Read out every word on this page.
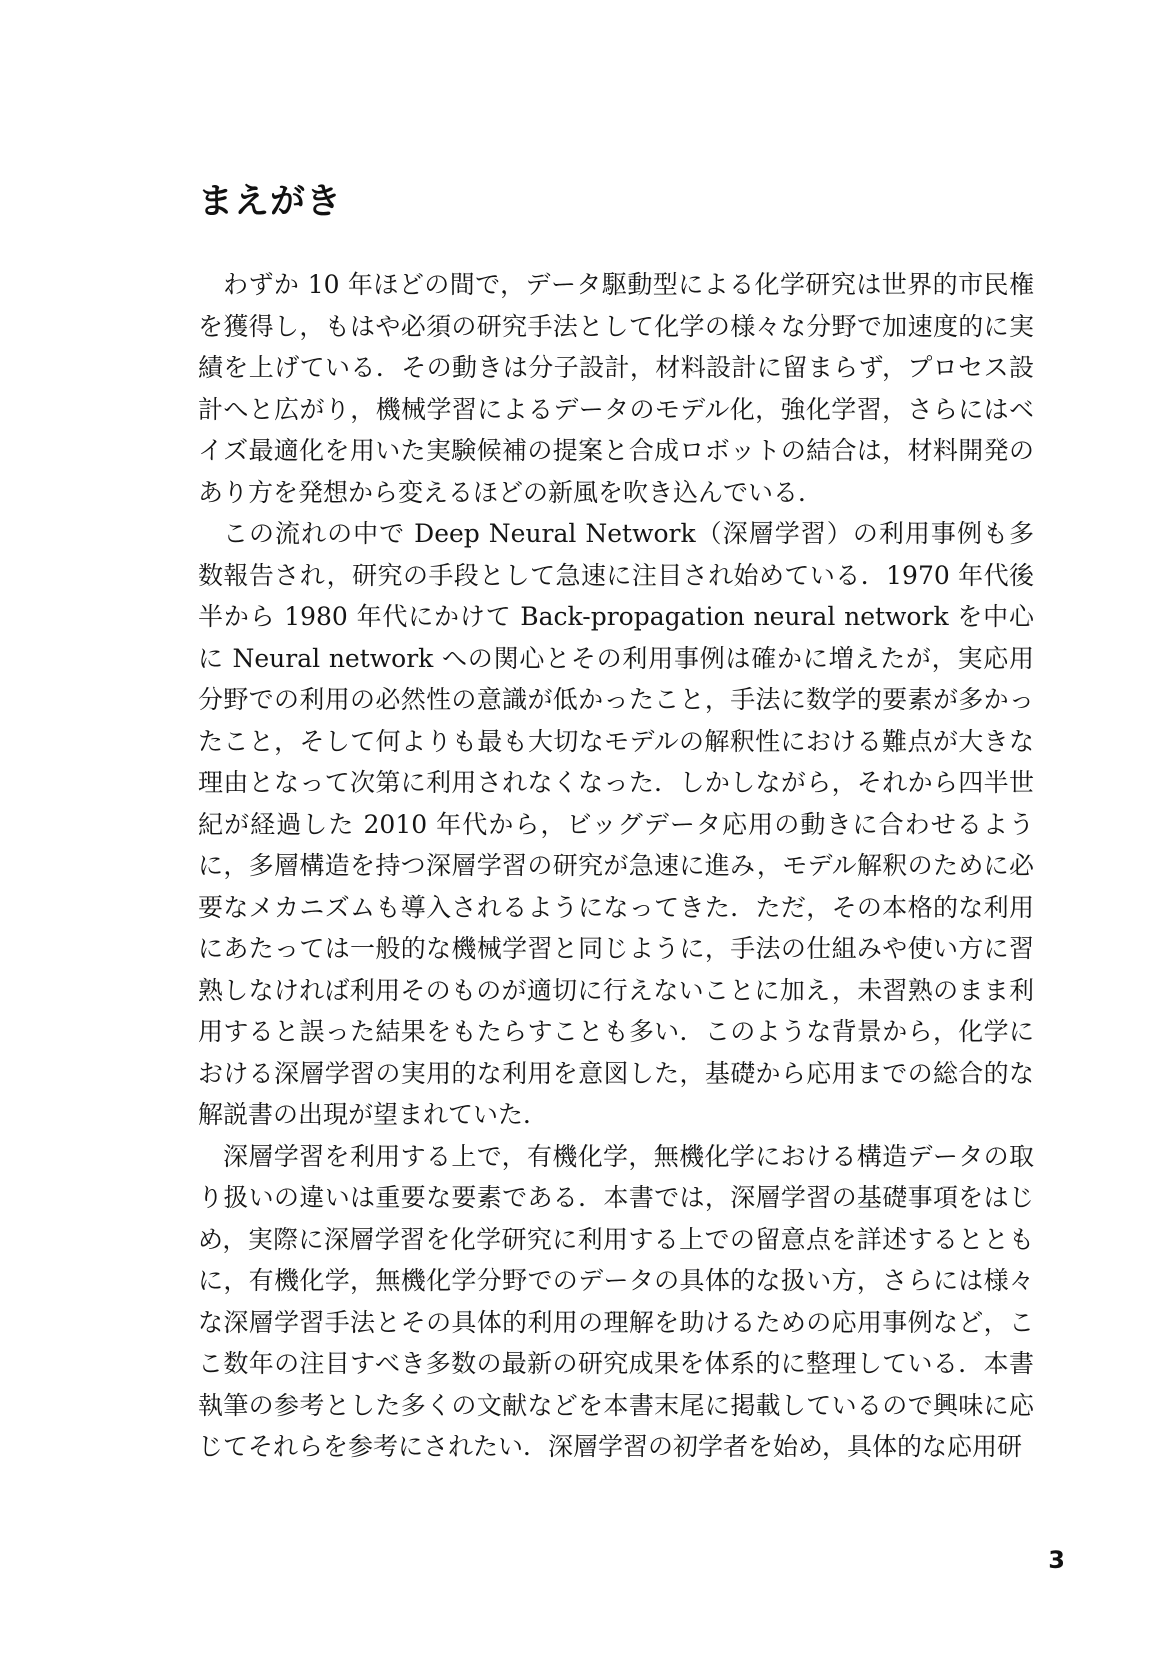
まえがき

わずか 10 年ほどの間で，データ駆動型による化学研究は世界的市民権を獲得し，もはや必須の研究手法として化学の様々な分野で加速度的に実績を上げている．その動きは分子設計，材料設計に留まらず，プロセス設計へと広がり，機械学習によるデータのモデル化，強化学習，さらにはベイズ最適化を用いた実験候補の提案と合成ロボットの結合は，材料開発のあり方を発想から変えるほどの新風を吹き込んでいる．

この流れの中で Deep Neural Network（深層学習）の利用事例も多数報告され，研究の手段として急速に注目され始めている．1970 年代後半から 1980 年代にかけて Back-propagation neural network を中心に Neural network への関心とその利用事例は確かに増えたが，実応用分野での利用の必然性の意識が低かったこと，手法に数学的要素が多かったこと，そして何よりも最も大切なモデルの解釈性における難点が大きな理由となって次第に利用されなくなった．しかしながら，それから四半世紀が経過した 2010 年代から，ビッグデータ応用の動きに合わせるように，多層構造を持つ深層学習の研究が急速に進み，モデル解釈のために必要なメカニズムも導入されるようになってきた．ただ，その本格的な利用にあたっては一般的な機械学習と同じように，手法の仕組みや使い方に習熟しなければ利用そのものが適切に行えないことに加え，未習熟のまま利用すると誤った結果をもたらすことも多い．このような背景から，化学における深層学習の実用的な利用を意図した，基礎から応用までの総合的な解説書の出現が望まれていた．

深層学習を利用する上で，有機化学，無機化学における構造データの取り扱いの違いは重要な要素である．本書では，深層学習の基礎事項をはじめ，実際に深層学習を化学研究に利用する上での留意点を詳述するとともに，有機化学，無機化学分野でのデータの具体的な扱い方，さらには様々な深層学習手法とその具体的利用の理解を助けるための応用事例など，ここ数年の注目すべき多数の最新の研究成果を体系的に整理している．本書執筆の参考とした多くの文献などを本書末尾に掲載しているので興味に応じてそれらを参考にされたい．深層学習の初学者を始め，具体的な応用研

3
